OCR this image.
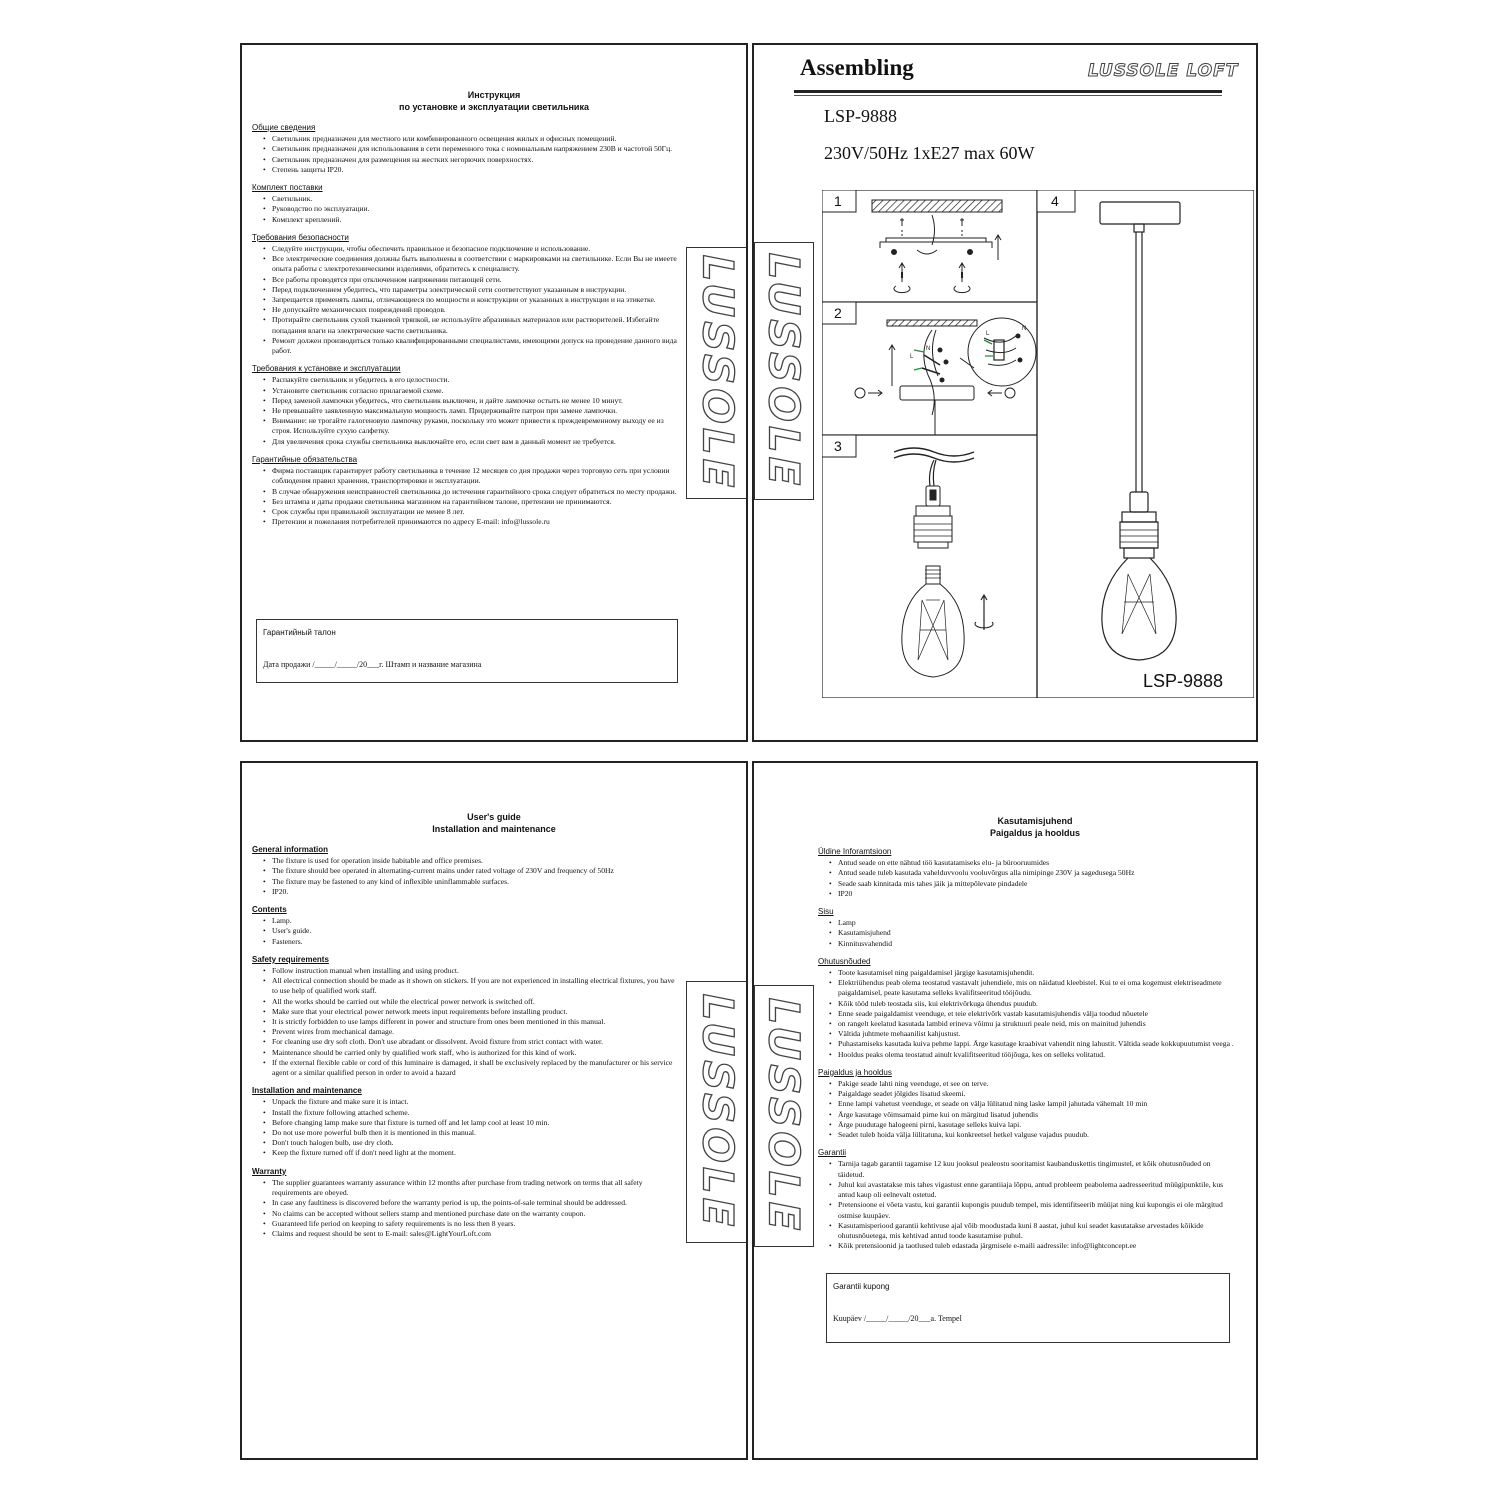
Инструкция
по установке и эксплуатации светильника
Общие сведения
• Светильник предназначен для местного или комбинированного освещения жилых и офисных помещений.
• Светильник предназначен для использования в сети переменного тока с номинальным напряжением 230В и частотой 50Гц.
• Светильник предназначен для размещения на жестких негорючих поверхностях.
• Степень защиты IP20.
Комплект поставки
• Светильник.
• Руководство по эксплуатации.
• Комплект креплений.
Требования безопасности
• Следуйте инструкции, чтобы обеспечить правильное и безопасное подключение и использование.
• Все электрические соединения должны быть выполнены в соответствии с маркировками на светильнике. Если Вы не имеете опыта работы с электротехническими изделиями, обратитесь к специалисту.
• Все работы проводятся при отключенном напряжении питающей сети.
• Перед подключением убедитесь, что параметры электрической сети соответствуют указанным в инструкции.
• Запрещается применять лампы, отличающиеся по мощности и конструкции от указанных в инструкции и на этикетке.
• Не допускайте механических повреждений проводов.
• Протирайте светильник сухой тканевой тряпкой, не используйте абразивных материалов или растворителей. Избегайте попадания влаги на электрические части светильника.
• Ремонт должен производиться только квалифицированными специалистами, имеющими допуск на проведение данного вида работ.
Требования к установке и эксплуатации
• Распакуйте светильник и убедитесь в его целостности.
• Установите светильник согласно прилагаемой схеме.
• Перед заменой лампочки убедитесь, что светильник выключен, и дайте лампочке остыть не менее 10 минут.
• Не превышайте заявленную максимальную мощность ламп. Придерживайте патрон при замене лампочки.
• Внимание: не трогайте галогеновую лампочку руками, поскольку это может привести к преждевременному выходу ее из строя. Используйте сухую салфетку.
• Для увеличения срока службы светильника выключайте его, если свет вам в данный момент не требуется.
Гарантийные обязательства
• Фирма поставщик гарантирует работу светильника в течение 12 месяцев со дня продажи через торговую сеть при условии соблюдения правил хранения, транспортировки и эксплуатации.
• В случае обнаружения неисправностей светильника до истечения гарантийного срока следует обратиться по месту продажи.
• Без штампа и даты продажи светильника магазином на гарантийном талоне, претензии не принимаются.
• Срок службы при правильной эксплуатации не менее 8 лет.
• Претензии и пожелания потребителей принимаются по адресу E-mail: info@lussole.ru
Гарантийный талон
Дата продажи /_____/_____/20___г. Штамп и название магазина
LUSSOLE LUSSOLE
Assembling	LUSSOLE LOFT
LSP-9888
230V/50Hz 1xE27 max 60W
1
2
3
4
N
L
N
L
LSP-9888
User's guide
Installation and maintenance
General information
• The fixture is used for operation inside habitable and office premises.
• The fixture should bee operated in alternating-current mains under rated voltage of 230V and frequency of 50Hz
• The fixture may be fastened to any kind of inflexible uninflammable surfaces.
• IP20.
Contents
• Lamp.
• User's guide.
• Fasteners.
Safety requirements
• Follow instruction manual when installing and using product.
• All electrical connection should be made as it shown on stickers. If you are not experienced in installing electrical fixtures, you have to use help of qualified work staff.
• All the works should be carried out while the electrical power network is switched off.
• Make sure that your electrical power network meets input requirements before installing product.
• It is strictly forbidden to use lamps different in power and structure from ones been mentioned in this manual.
• Prevent wires from mechanical damage.
• For cleaning use dry soft cloth. Don't use abradant or dissolvent. Avoid fixture from strict contact with water.
• Maintenance should be carried only by qualified work staff, who is authorized for this kind of work.
• If the external flexible cable or cord of this luminaire is damaged, it shall be exclusively replaced by the manufacturer or his service agent or a similar qualified person in order to avoid a hazard
Installation and maintenance
• Unpack the fixture and make sure it is intact.
• Install the fixture following attached scheme.
• Before changing lamp make sure that fixture is turned off and let lamp cool at least 10 min.
• Do not use more powerful bulb then it is mentioned in this manual.
• Don't touch halogen bulb, use dry cloth.
• Keep the fixture turned off if don't need light at the moment.
Warranty
• The supplier guarantees warranty assurance within 12 months after purchase from trading network on terms that all safety requirements are obeyed.
• In case any faultiness is discovered before the warranty period is up, the points-of-sale terminal should be addressed.
• No claims can be accepted without sellers stamp and mentioned purchase date on the warranty coupon.
• Guaranteed life period on keeping to safety requirements is no less then 8 years.
• Claims and request should be sent to E-mail: sales@LightYourLoft.com
LUSSOLE LUSSOLE
Kasutamisjuhend
Paigaldus ja hooldus
Üldine Inforamtsioon
• Antud seade on ette nähtud töö kasutatamiseks elu- ja bürooruumides
• Antud seade tuleb kasutada vahelduvvoolu vooluvõrgus alla nimipinge 230V ja sagedusega 50Hz
• Seade saab kinnitada mis tahes jäik ja mittepõlevate pindadele
• IP20
Sisu
• Lamp
• Kasutamisjuhend
• Kinnitusvahendid
Ohutusnõuded
• Toote kasutamisel ning paigaldamisel järgige kasutamisjuhendit.
• Elektriühendus peab olema teostatud vastavalt juhendiele, mis on näidatud kleebistel. Kui te ei oma kogemust elektriseadmete paigaldamisel, peate kasutama selleks kvalifitseeritud tööjõudu.
• Kõik tööd tuleb teostada siis, kui elektrivõrkuga ühendus puudub.
• Enne seade paigaldamist veenduge, et teie elektrivõrk vastab kasutamisjuhendis välja toodud nõuetele
• on rangelt keelatud kasutada lambid erineva võimu ja struktuuri peale neid, mis on mainitud juhendis
• Vältida juhtmete mehaanilist kahjustust.
• Puhastamiseks kasutada kuiva pehme lappi. Ärge kasutage kraabivat vahendit ning lahustit. Vältida seade kokkupuutumist veega .
• Hooldus peaks olema teostatud ainult kvalifitseeritud tööjõuga, kes on selleks volitatud.
Paigaldus ja hooldus
• Pakige seade lahti ning veenduge, et see on terve.
• Paigaldage seadet jõlgides lisatud skeemi.
• Enne lampi vahetust veenduge, et seade on välja lülitatud ning laske lampil jahutada vähemalt 10 min
• Ärge kasutage võimsamaid pirne kui on märgitud lisatud juhendis
• Ärge puudutage halogeeni pirni, kasutage selleks kuiva lapi.
• Seadet tuleb hoida välja lülitatuna, kui konkreetsel hetkel valguse vajadus puudub.
Garantii
• Tarnija tagab garantii tagamise 12 kuu jooksul pealeostu sooritamist kaubanduskettis tingimustel, et kõik ohutusnõuded on täidetud.
• Juhul kui avastatakse mis tahes vigastust enne garantiiaja lõppu, antud probleem peabolema aadresseeritud müügipunktile, kus antud kaup oli eelnevalt ostetud.
• Pretensioone ei võeta vastu, kui garantii kupongis puudub tempel, mis identifitseerib müüjat ning kui kupongis ei ole märgitud ostmise kuupäev.
• Kasutamisperiood garantii kehtivuse ajal võib moodustada kuni 8 aastat, juhul kui seadet kasutatakse arvestades kõikide ohutusnõuetega, mis kehtivad antud toode kasutamise puhul.
• Kõik pretensioonid ja taotlused tuleb edastada järgmisele e-maili aadressile: info@lightconcept.ee
Garantii kupong
Kuupäev /_____/_____/20___a. Tempel
